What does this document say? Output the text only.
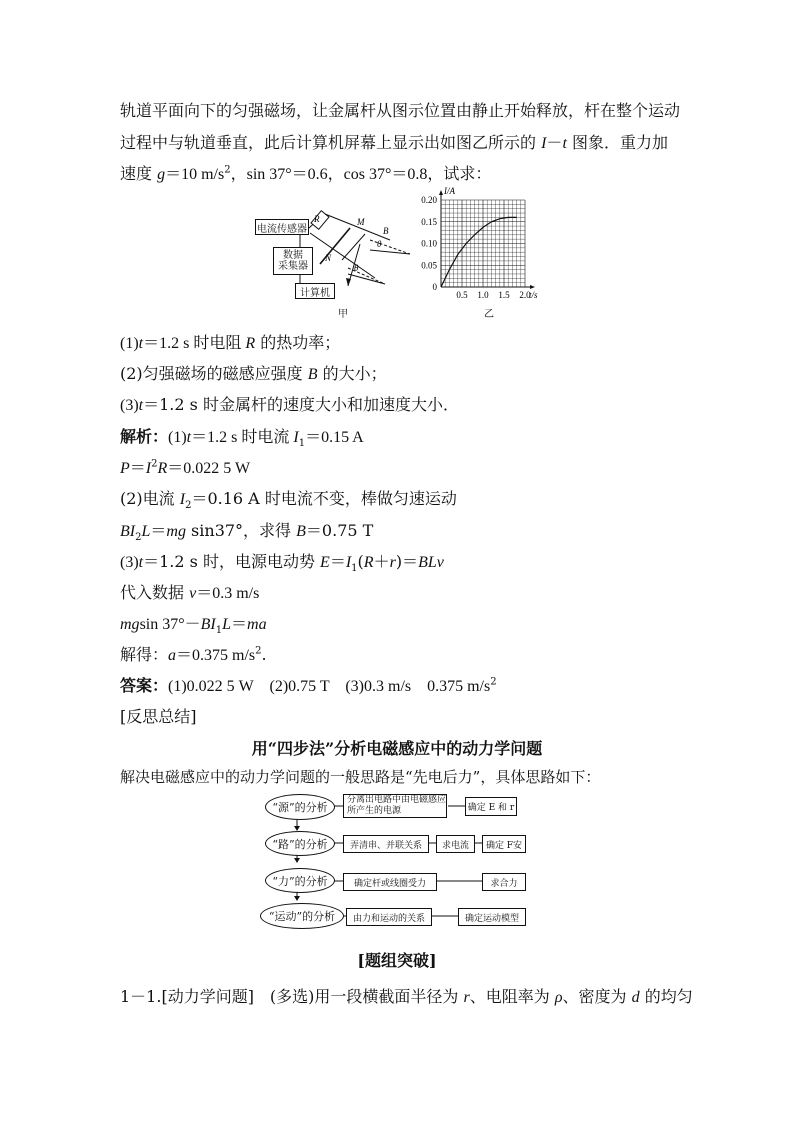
轨道平面向下的匀强磁场，让金属杆从图示位置由静止开始释放，杆在整个运动
过程中与轨道垂直，此后计算机屏幕上显示出如图乙所示的 I－t 图象．重力加
速度 g＝10 $m/s^2$，sin 37°＝0.6，cos 37°＝0.8，试求：
R	M
N
B
θ
θ
电流传感器
数据
采集器
计算机
甲
0
0.05
0.10
0.15
0.20
0.5 1.0 1.5 2.0
I/A
t/s
乙
(1)t＝1.2 s 时电阻 R 的热功率；
(2)匀强磁场的磁感应强度 B 的大小；
(3)t＝1.2 s 时金属杆的速度大小和加速度大小．
解析：(1)t＝1.2 s 时电流 $I_1=0.15$ A
$P=I^2R=0.022$ 5 W
(2)电流 $I_2=0.16$ A 时电流不变，棒做匀速运动
$BI_2L=mg$ sin37°，求得 B＝0.75 T
(3)t＝1.2 s 时，电源电动势 $E=I_1(R+r)=BLv$
代入数据 v＝0.3 m/s
mgsin $37^\circ-BI_1L=ma$
解得：a＝0.375 $m/s^2$.
答案：(1)0.022 5 W　(2)0.75 T　(3)0.3 m/s　0.375 $m/s^2$
[反思总结]
用“四步法”分析电磁感应中的动力学问题
解决电磁感应中的动力学问题的一般思路是“先电后力”，具体思路如下：
“源”的分析
“路”的分析
“力”的分析
“运动”的分析
分离出电路中由电磁感应
所产生的电源	确定 E 和 r
弄清串、并联关系 求电流 确定 F安
确定杆或线圈受力	求合力
由力和运动的关系	确定运动模型
[题组突破]
1－1.[动力学问题]　(多选)用一段横截面半径为 r、电阻率为 ρ、密度为 d 的均匀
